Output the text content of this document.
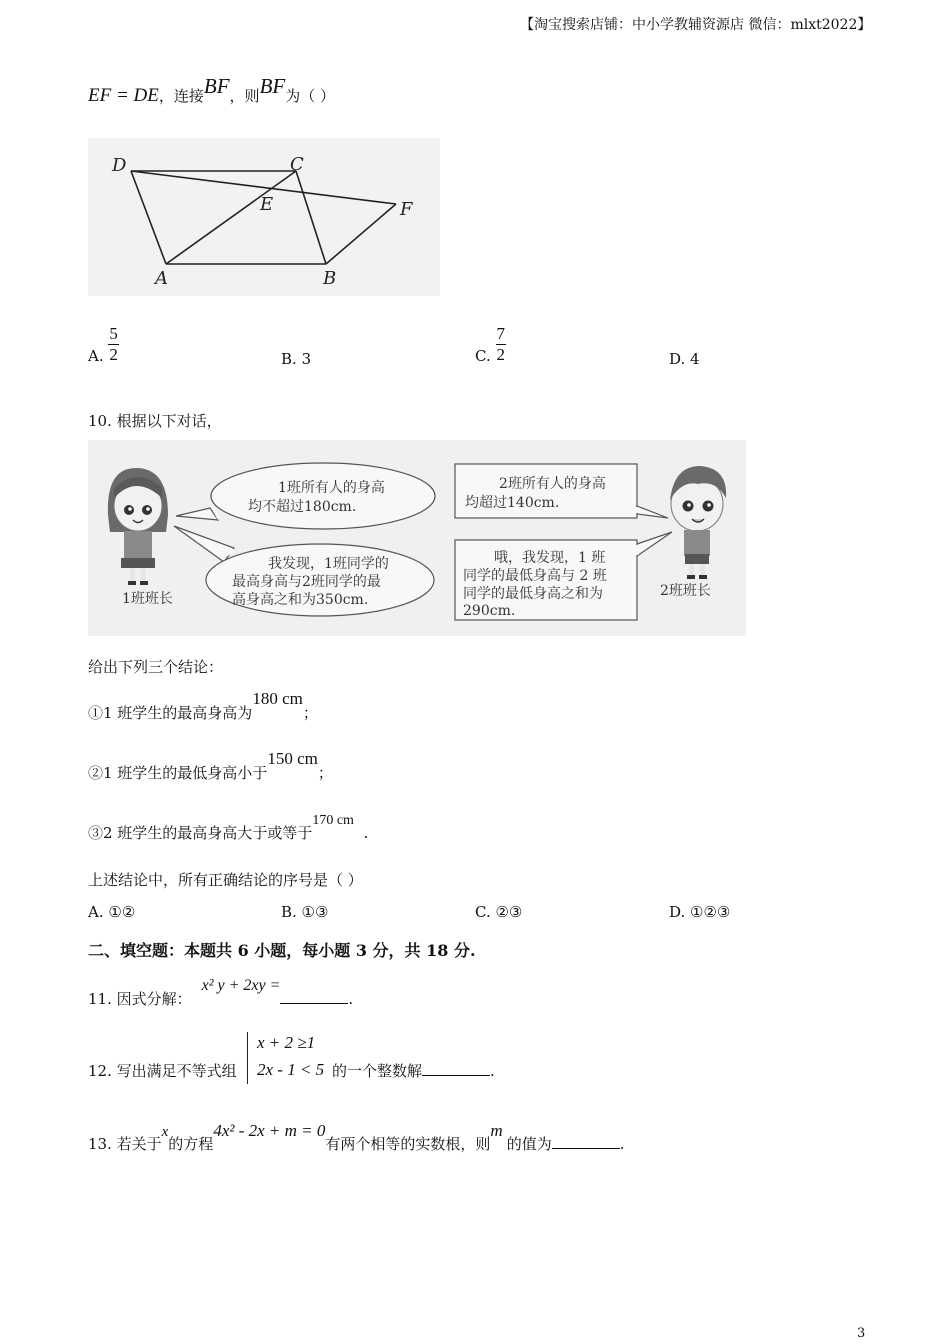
【淘宝搜索店铺：中小学教辅资源店 微信：mlxt2022】
EF = DE，连接BF，则BF为（ ）
D	C
E	F
A	B
A. $\frac{5}{2}$	B. 3	C. $\frac{7}{2}$	D. 4
10. 根据以下对话，
1班班长
1班所有人的身高
均不超过180cm.
我发现，1班同学的
最高身高与2班同学的最
高身高之和为350cm.
2班所有人的身高
均超过140cm.
哦，我发现，1 班
同学的最低身高与 2 班
同学的最低身高之和为
290cm.
2班班长
给出下列三个结论：
①1 班学生的最高身高为180 cm；
②1 班学生的最低身高小于150 cm；
③2 班学生的最高身高大于或等于170 cm  .
上述结论中，所有正确结论的序号是（ ）
A. ①②	B. ①③	C. ②③	D. ①②③
二、填空题：本题共 6 小题，每小题 3 分，共 18 分.
11. 因式分解：x² y + 2xy =.
12. 写出满足不等式组
x + 2 ≥1
2x - 1 < 5 的一个整数解	.
13. 若关于x的方程4x² - 2x + m = 0有两个相等的实数根，则m的值为	.
3
